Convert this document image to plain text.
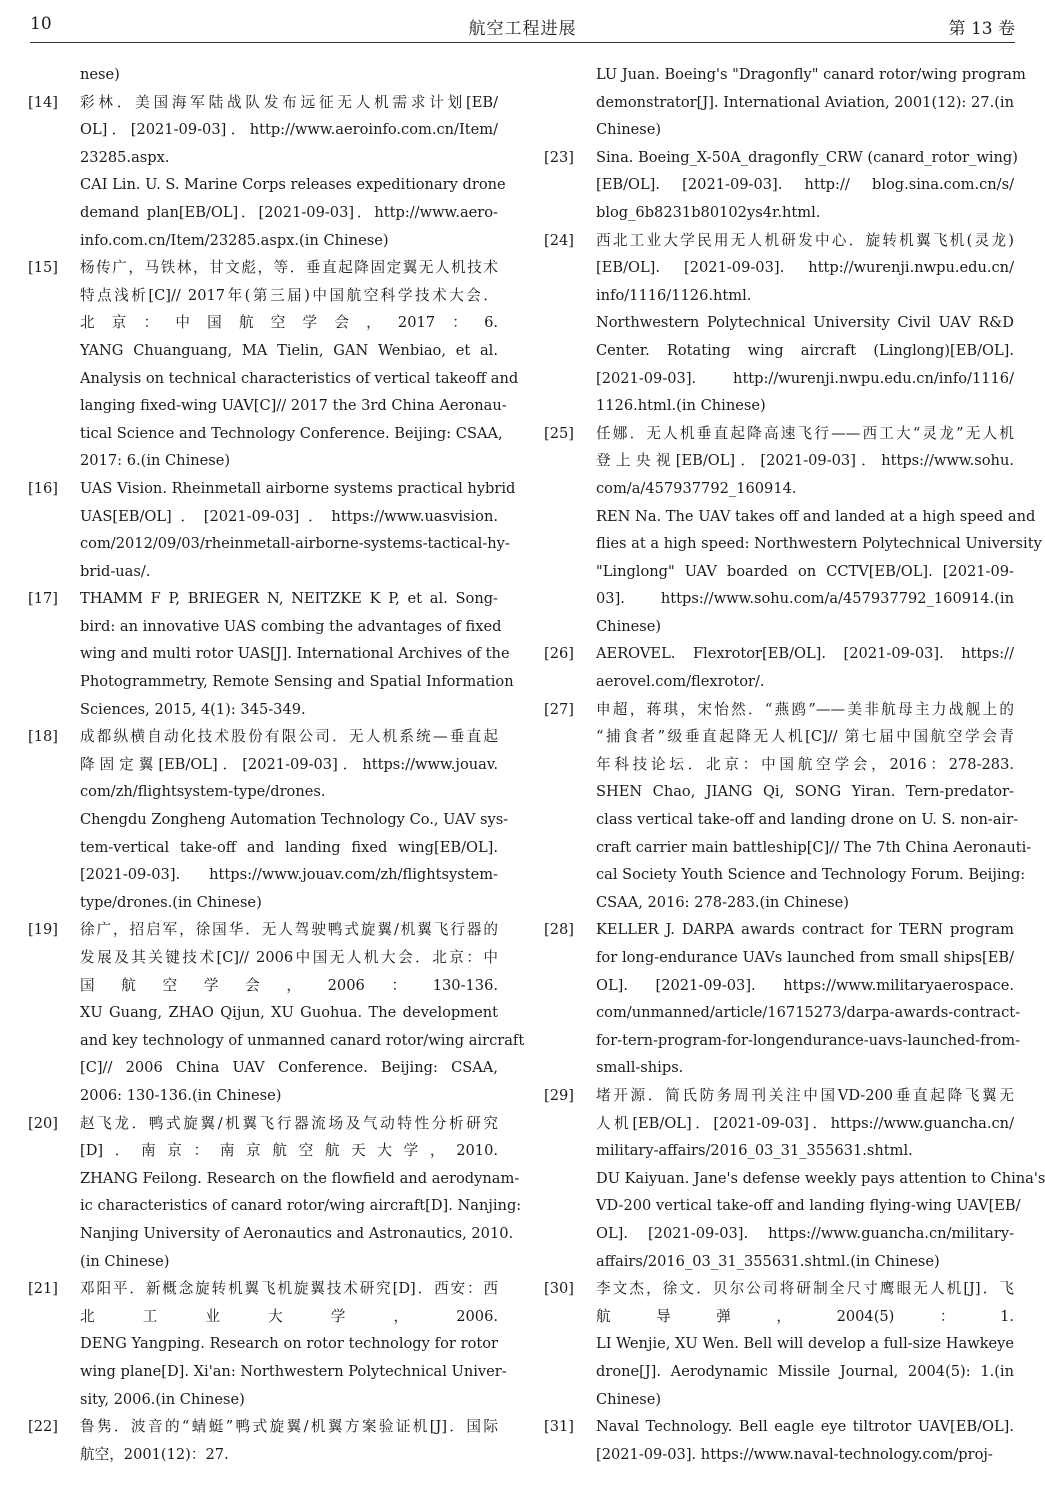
10	航空工程进展	第 13 卷
nese)
[14] 彩林．美国海军陆战队发布远征无人机需求计划[EB/
OL]．[2021-09-03]．http://www.aeroinfo.com.cn/Item/
23285.aspx.
CAI Lin. U. S. Marine Corps releases expeditionary drone
demand plan[EB/OL]．[2021-09-03]．http://www.aero-
info.com.cn/Item/23285.aspx.(in Chinese)
[15] 杨传广，马铁林，甘文彪，等．垂直起降固定翼无人机技术
特点浅析[C]// 2017年(第三届)中国航空科学技术大会．
北京：中国航空学会，2017：6.
YANG Chuanguang, MA Tielin, GAN Wenbiao, et al.
Analysis on technical characteristics of vertical takeoff and
langing fixed-wing UAV[C]// 2017 the 3rd China Aeronau-
tical Science and Technology Conference. Beijing: CSAA,
2017: 6.(in Chinese)
[16] UAS Vision. Rheinmetall airborne systems practical hybrid
UAS[EB/OL]．[2021-09-03]．https://www.uasvision.
com/2012/09/03/rheinmetall-airborne-systems-tactical-hy-
brid-uas/.
[17] THAMM F P, BRIEGER N, NEITZKE K P, et al. Song-
bird: an innovative UAS combing the advantages of fixed
wing and multi rotor UAS[J]. International Archives of the
Photogrammetry, Remote Sensing and Spatial Information
Sciences, 2015, 4(1): 345-349.
[18] 成都纵横自动化技术股份有限公司．无人机系统—垂直起
降固定翼[EB/OL]．[2021-09-03]．https://www.jouav.
com/zh/flightsystem-type/drones.
Chengdu Zongheng Automation Technology Co., UAV sys-
tem-vertical take-off and landing fixed wing[EB/OL].
[2021-09-03]. https://www.jouav.com/zh/flightsystem-
type/drones.(in Chinese)
[19] 徐广，招启军，徐国华．无人驾驶鸭式旋翼/机翼飞行器的
发展及其关键技术[C]// 2006中国无人机大会．北京：中
国航空学会，2006：130-136.
XU Guang, ZHAO Qijun, XU Guohua. The development
and key technology of unmanned canard rotor/wing aircraft
[C]// 2006 China UAV Conference. Beijing: CSAA,
2006: 130-136.(in Chinese)
[20] 赵飞龙．鸭式旋翼/机翼飞行器流场及气动特性分析研究
[D]．南京：南京航空航天大学，2010.
ZHANG Feilong. Research on the flowfield and aerodynam-
ic characteristics of canard rotor/wing aircraft[D]. Nanjing:
Nanjing University of Aeronautics and Astronautics, 2010.
(in Chinese)
[21] 邓阳平．新概念旋转机翼飞机旋翼技术研究[D]．西安：西
北工业大学，2006.
DENG Yangping. Research on rotor technology for rotor
wing plane[D]. Xi'an: Northwestern Polytechnical Univer-
sity, 2006.(in Chinese)
[22] 鲁隽．波音的“蜻蜓”鸭式旋翼/机翼方案验证机[J]．国际
航空，2001(12)：27.
LU Juan. Boeing's "Dragonfly" canard rotor/wing program
demonstrator[J]. International Aviation, 2001(12): 27.(in
Chinese)
[23] Sina. Boeing_X-50A_dragonfly_CRW (canard_rotor_wing)
[EB/OL]. [2021-09-03]. http:// blog.sina.com.cn/s/
blog_6b8231b80102ys4r.html.
[24] 西北工业大学民用无人机研发中心．旋转机翼飞机(灵龙)
[EB/OL]. [2021-09-03]. http://wurenji.nwpu.edu.cn/
info/1116/1126.html.
Northwestern Polytechnical University Civil UAV R&D
Center. Rotating wing aircraft (Linglong)[EB/OL].
[2021-09-03]. http://wurenji.nwpu.edu.cn/info/1116/
1126.html.(in Chinese)
[25] 任娜．无人机垂直起降高速飞行——西工大“灵龙”无人机
登上央视[EB/OL]．[2021-09-03]．https://www.sohu.
com/a/457937792_160914.
REN Na. The UAV takes off and landed at a high speed and
flies at a high speed: Northwestern Polytechnical University
"Linglong" UAV boarded on CCTV[EB/OL]. [2021-09-
03]. https://www.sohu.com/a/457937792_160914.(in
Chinese)
[26] AEROVEL. Flexrotor[EB/OL]. [2021-09-03]. https://
aerovel.com/flexrotor/.
[27] 申超，蒋琪，宋怡然．“燕鸥”——美非航母主力战舰上的
“捕食者”级垂直起降无人机[C]// 第七届中国航空学会青
年科技论坛．北京：中国航空学会，2016：278-283.
SHEN Chao, JIANG Qi, SONG Yiran. Tern-predator-
class vertical take-off and landing drone on U. S. non-air-
craft carrier main battleship[C]// The 7th China Aeronauti-
cal Society Youth Science and Technology Forum. Beijing:
CSAA, 2016: 278-283.(in Chinese)
[28] KELLER J. DARPA awards contract for TERN program
for long-endurance UAVs launched from small ships[EB/
OL]. [2021-09-03]. https://www.militaryaerospace.
com/unmanned/article/16715273/darpa-awards-contract-
for-tern-program-for-longendurance-uavs-launched-from-
small-ships.
[29] 堵开源．简氏防务周刊关注中国VD-200垂直起降飞翼无
人机[EB/OL]．[2021-09-03]．https://www.guancha.cn/
military-affairs/2016_03_31_355631.shtml.
DU Kaiyuan. Jane's defense weekly pays attention to China's
VD-200 vertical take-off and landing flying-wing UAV[EB/
OL]. [2021-09-03]. https://www.guancha.cn/military-
affairs/2016_03_31_355631.shtml.(in Chinese)
[30] 李文杰，徐文．贝尔公司将研制全尺寸鹰眼无人机[J]．飞
航导弹，2004(5)：1.
LI Wenjie, XU Wen. Bell will develop a full-size Hawkeye
drone[J]. Aerodynamic Missile Journal, 2004(5): 1.(in
Chinese)
[31] Naval Technology. Bell eagle eye tiltrotor UAV[EB/OL].
[2021-09-03]. https://www.naval-technology.com/proj-
